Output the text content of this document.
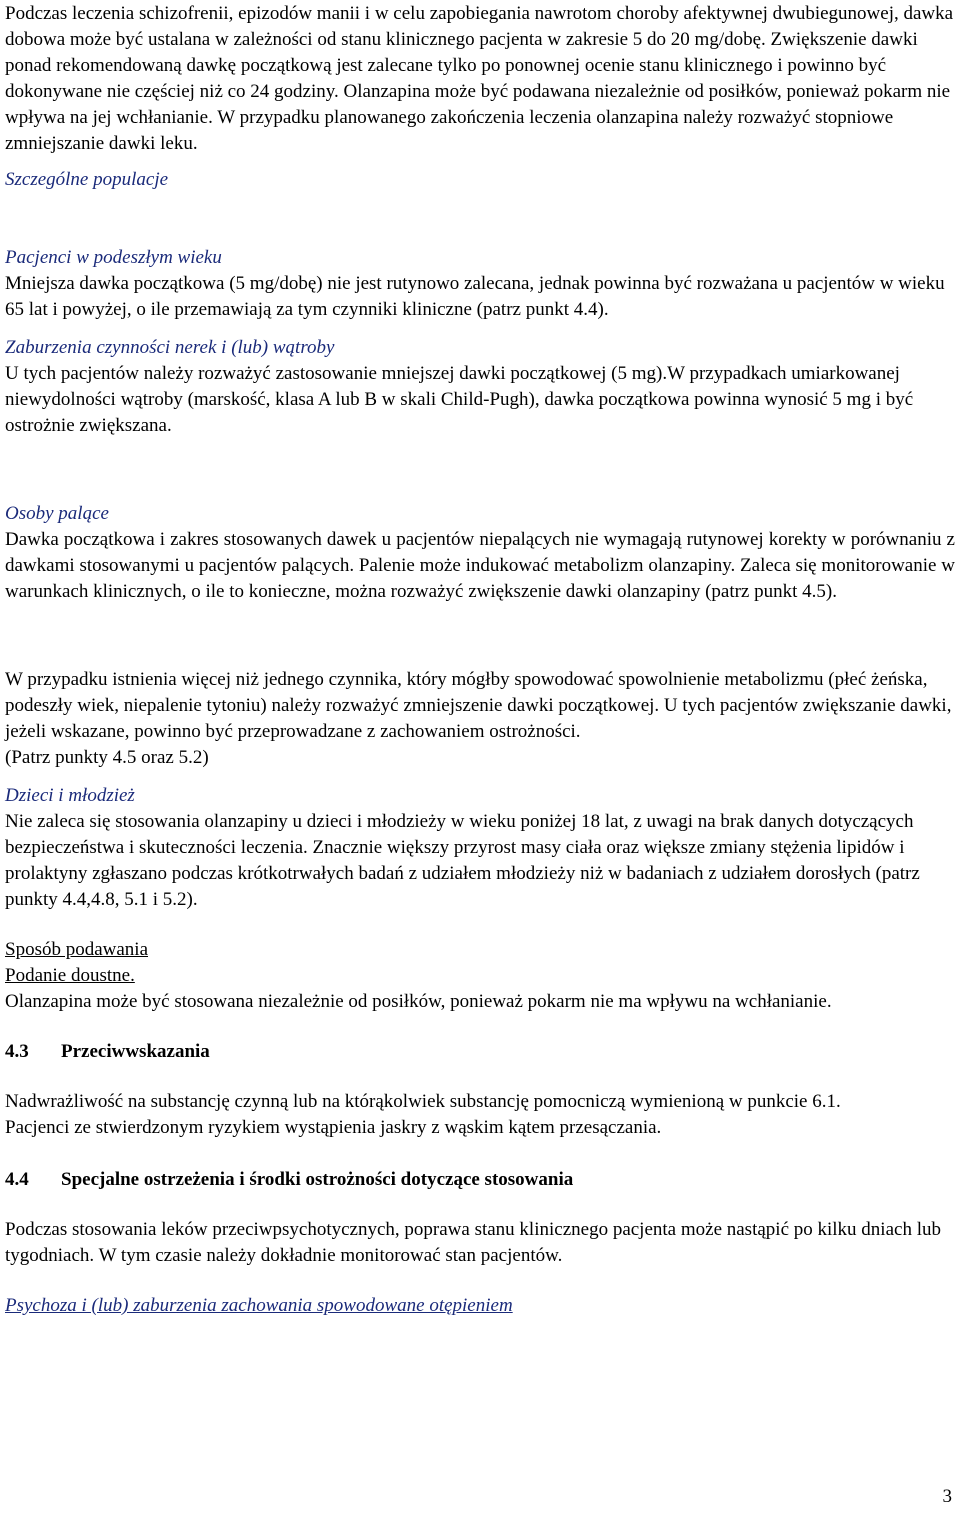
Podczas leczenia schizofrenii, epizodów manii i w celu zapobiegania nawrotom choroby afektywnej dwubiegunowej, dawka dobowa może być ustalana w zależności od stanu klinicznego pacjenta w zakresie 5 do 20 mg/dobę. Zwiększenie dawki ponad rekomendowaną dawkę początkową jest zalecane tylko po ponownej ocenie stanu klinicznego i powinno być dokonywane nie częściej niż co 24 godziny. Olanzapina może być podawana niezależnie od posiłków, ponieważ pokarm nie wpływa na jej wchłanianie. W przypadku planowanego zakończenia leczenia olanzapina należy rozważyć stopniowe zmniejszanie dawki leku.

Szczególne populacje

Pacjenci w podeszłym wieku

Mniejsza dawka początkowa (5 mg/dobę) nie jest rutynowo zalecana, jednak powinna być rozważana u pacjentów w wieku 65 lat i powyżej, o ile przemawiają za tym czynniki kliniczne (patrz punkt 4.4).

Zaburzenia czynności nerek i (lub) wątroby

U tych pacjentów należy rozważyć zastosowanie mniejszej dawki początkowej (5 mg).W przypadkach umiarkowanej niewydolności wątroby (marskość, klasa A lub B w skali Child-Pugh), dawka początkowa powinna wynosić 5 mg i być ostrożnie zwiększana.

Osoby palące

Dawka początkowa i zakres stosowanych dawek u pacjentów niepalących nie wymagają rutynowej korekty w porównaniu z dawkami stosowanymi u pacjentów palących. Palenie może indukować metabolizm olanzapiny. Zaleca się monitorowanie w warunkach klinicznych, o ile to konieczne, można rozważyć zwiększenie dawki olanzapiny (patrz punkt 4.5).

W przypadku istnienia więcej niż jednego czynnika, który mógłby spowodować spowolnienie metabolizmu (płeć żeńska, podeszły wiek, niepalenie tytoniu) należy rozważyć zmniejszenie dawki początkowej. U tych pacjentów zwiększanie dawki, jeżeli wskazane, powinno być przeprowadzane z zachowaniem ostrożności.

(Patrz punkty 4.5 oraz 5.2)

Dzieci i młodzież

Nie zaleca się stosowania olanzapiny u dzieci i młodzieży w wieku poniżej 18 lat, z uwagi na brak danych dotyczących bezpieczeństwa i skuteczności leczenia. Znacznie większy przyrost masy ciała oraz większe zmiany stężenia lipidów i prolaktyny zgłaszano podczas krótkotrwałych badań z udziałem młodzieży niż w badaniach z udziałem dorosłych (patrz punkty 4.4,4.8, 5.1 i 5.2).

Sposób podawania

Podanie doustne.

Olanzapina może być stosowana niezależnie od posiłków, ponieważ pokarm nie ma wpływu na wchłanianie.

4.3 Przeciwwskazania

Nadwrażliwość na substancję czynną lub na którąkolwiek substancję pomocniczą wymienioną w punkcie 6.1.

Pacjenci ze stwierdzonym ryzykiem wystąpienia jaskry z wąskim kątem przesączania.

4.4 Specjalne ostrzeżenia i środki ostrożności dotyczące stosowania

Podczas stosowania leków przeciwpsychotycznych, poprawa stanu klinicznego pacjenta może nastąpić po kilku dniach lub tygodniach. W tym czasie należy dokładnie monitorować stan pacjentów.

Psychoza i (lub) zaburzenia zachowania spowodowane otępieniem

3
